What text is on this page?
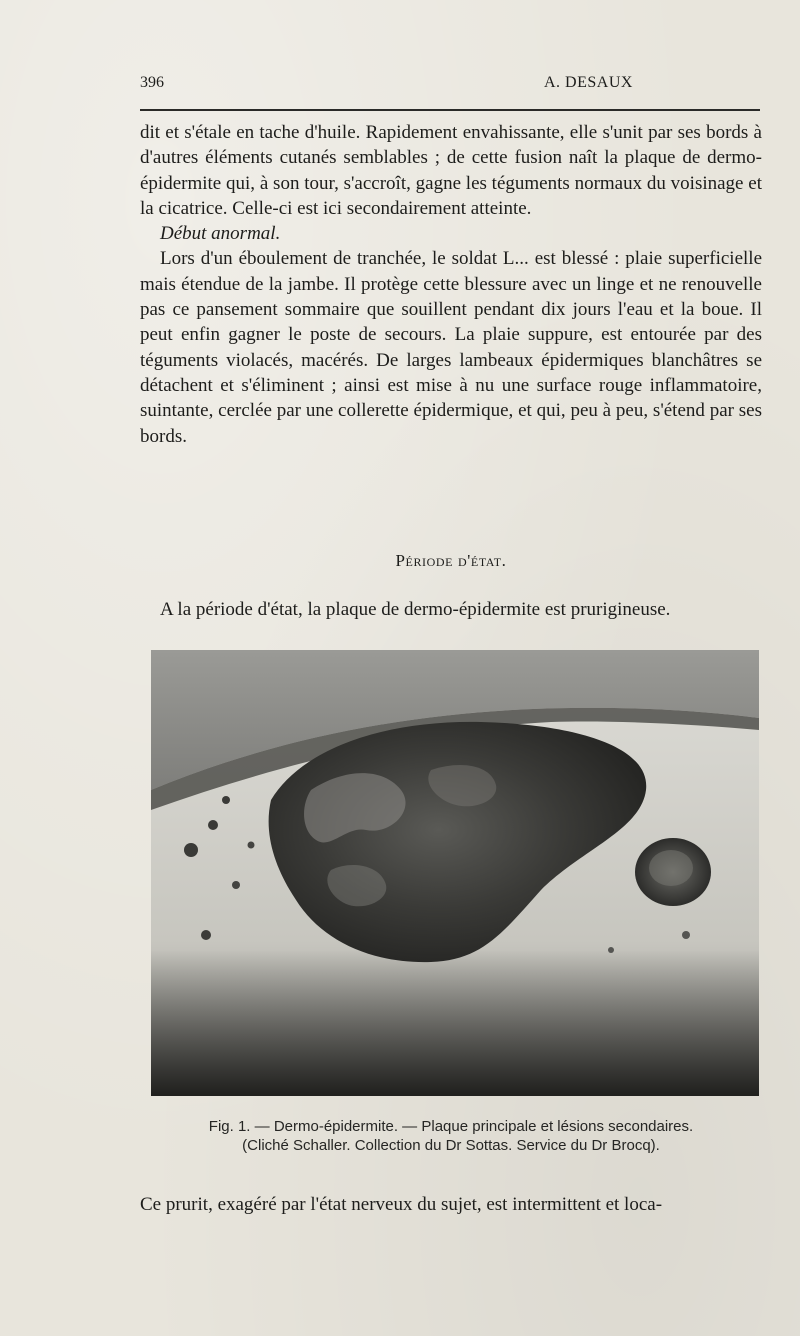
396	A. DESAUX

dit et s'étale en tache d'huile. Rapidement envahissante, elle s'unit par ses bords à d'autres éléments cutanés semblables ; de cette fusion naît la plaque de dermo-épidermite qui, à son tour, s'accroît, gagne les téguments normaux du voisinage et la cicatrice. Celle-ci est ici secondairement atteinte.

Début anormal.

Lors d'un éboulement de tranchée, le soldat L... est blessé : plaie superficielle mais étendue de la jambe. Il protège cette blessure avec un linge et ne renouvelle pas ce pansement sommaire que souillent pendant dix jours l'eau et la boue. Il peut enfin gagner le poste de secours. La plaie suppure, est entourée par des téguments violacés, macérés. De larges lambeaux épidermiques blanchâtres se détachent et s'éliminent ; ainsi est mise à nu une surface rouge inflammatoire, suintante, cerclée par une collerette épidermique, et qui, peu à peu, s'étend par ses bords.

Période d'état.
A la période d'état, la plaque de dermo-épidermite est prurigineuse.
Fig. 1. — Dermo-épidermite. — Plaque principale et lésions secondaires.
(Cliché Schaller. Collection du Dr Sottas. Service du Dr Brocq).
Ce prurit, exagéré par l'état nerveux du sujet, est intermittent et loca-
